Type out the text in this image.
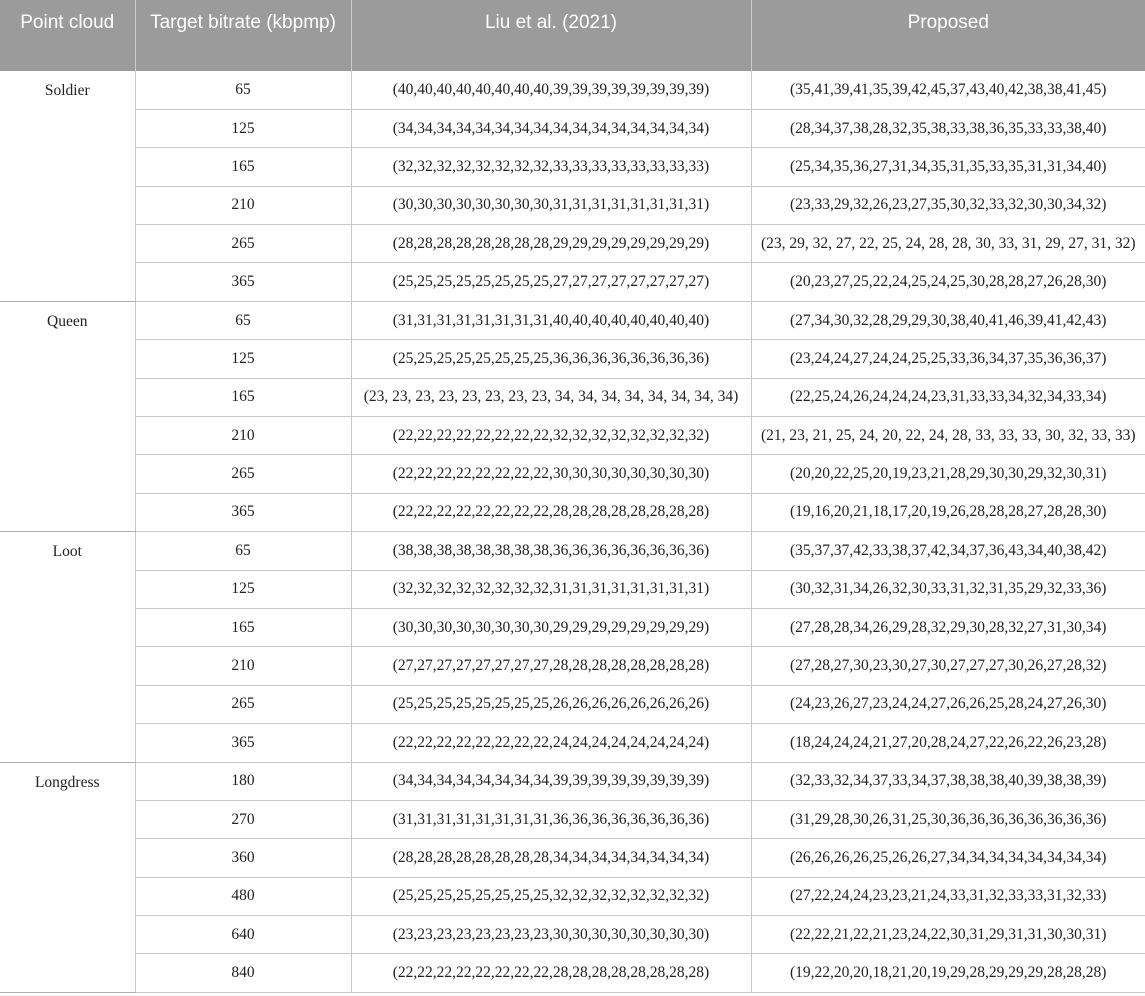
Point cloud	Target bitrate (kbpmp)	Liu et al. (2021)	Proposed
Soldier	65	(40,40,40,40,40,40,40,40,39,39,39,39,39,39,39,39)	(35,41,39,41,35,39,42,45,37,43,40,42,38,38,41,45)
	125	(34,34,34,34,34,34,34,34,34,34,34,34,34,34,34,34)	(28,34,37,38,28,32,35,38,33,38,36,35,33,33,38,40)
	165	(32,32,32,32,32,32,32,32,33,33,33,33,33,33,33,33)	(25,34,35,36,27,31,34,35,31,35,33,35,31,31,34,40)
	210	(30,30,30,30,30,30,30,30,31,31,31,31,31,31,31,31)	(23,33,29,32,26,23,27,35,30,32,33,32,30,30,34,32)
	265	(28,28,28,28,28,28,28,28,29,29,29,29,29,29,29,29)	(23, 29, 32, 27, 22, 25, 24, 28, 28, 30, 33, 31, 29, 27, 31, 32)
	365	(25,25,25,25,25,25,25,25,27,27,27,27,27,27,27,27)	(20,23,27,25,22,24,25,24,25,30,28,28,27,26,28,30)
Queen	65	(31,31,31,31,31,31,31,31,40,40,40,40,40,40,40,40)	(27,34,30,32,28,29,29,30,38,40,41,46,39,41,42,43)
	125	(25,25,25,25,25,25,25,25,36,36,36,36,36,36,36,36)	(23,24,24,27,24,24,25,25,33,36,34,37,35,36,36,37)
	165	(23, 23, 23, 23, 23, 23, 23, 23, 34, 34, 34, 34, 34, 34, 34, 34)	(22,25,24,26,24,24,24,23,31,33,33,34,32,34,33,34)
	210	(22,22,22,22,22,22,22,22,32,32,32,32,32,32,32,32)	(21, 23, 21, 25, 24, 20, 22, 24, 28, 33, 33, 33, 30, 32, 33, 33)
	265	(22,22,22,22,22,22,22,22,30,30,30,30,30,30,30,30)	(20,20,22,25,20,19,23,21,28,29,30,30,29,32,30,31)
	365	(22,22,22,22,22,22,22,22,28,28,28,28,28,28,28,28)	(19,16,20,21,18,17,20,19,26,28,28,28,27,28,28,30)
Loot	65	(38,38,38,38,38,38,38,38,36,36,36,36,36,36,36,36)	(35,37,37,42,33,38,37,42,34,37,36,43,34,40,38,42)
	125	(32,32,32,32,32,32,32,32,31,31,31,31,31,31,31,31)	(30,32,31,34,26,32,30,33,31,32,31,35,29,32,33,36)
	165	(30,30,30,30,30,30,30,30,29,29,29,29,29,29,29,29)	(27,28,28,34,26,29,28,32,29,30,28,32,27,31,30,34)
	210	(27,27,27,27,27,27,27,27,28,28,28,28,28,28,28,28)	(27,28,27,30,23,30,27,30,27,27,27,30,26,27,28,32)
	265	(25,25,25,25,25,25,25,25,26,26,26,26,26,26,26,26)	(24,23,26,27,23,24,24,27,26,26,25,28,24,27,26,30)
	365	(22,22,22,22,22,22,22,22,24,24,24,24,24,24,24,24)	(18,24,24,24,21,27,20,28,24,27,22,26,22,26,23,28)
Longdress	180	(34,34,34,34,34,34,34,34,39,39,39,39,39,39,39,39)	(32,33,32,34,37,33,34,37,38,38,38,40,39,38,38,39)
	270	(31,31,31,31,31,31,31,31,36,36,36,36,36,36,36,36)	(31,29,28,30,26,31,25,30,36,36,36,36,36,36,36,36)
	360	(28,28,28,28,28,28,28,28,34,34,34,34,34,34,34,34)	(26,26,26,26,25,26,26,27,34,34,34,34,34,34,34,34)
	480	(25,25,25,25,25,25,25,25,32,32,32,32,32,32,32,32)	(27,22,24,24,23,23,21,24,33,31,32,33,33,31,32,33)
	640	(23,23,23,23,23,23,23,23,30,30,30,30,30,30,30,30)	(22,22,21,22,21,23,24,22,30,31,29,31,31,30,30,31)
	840	(22,22,22,22,22,22,22,22,28,28,28,28,28,28,28,28)	(19,22,20,20,18,21,20,19,29,28,29,29,29,28,28,28)
